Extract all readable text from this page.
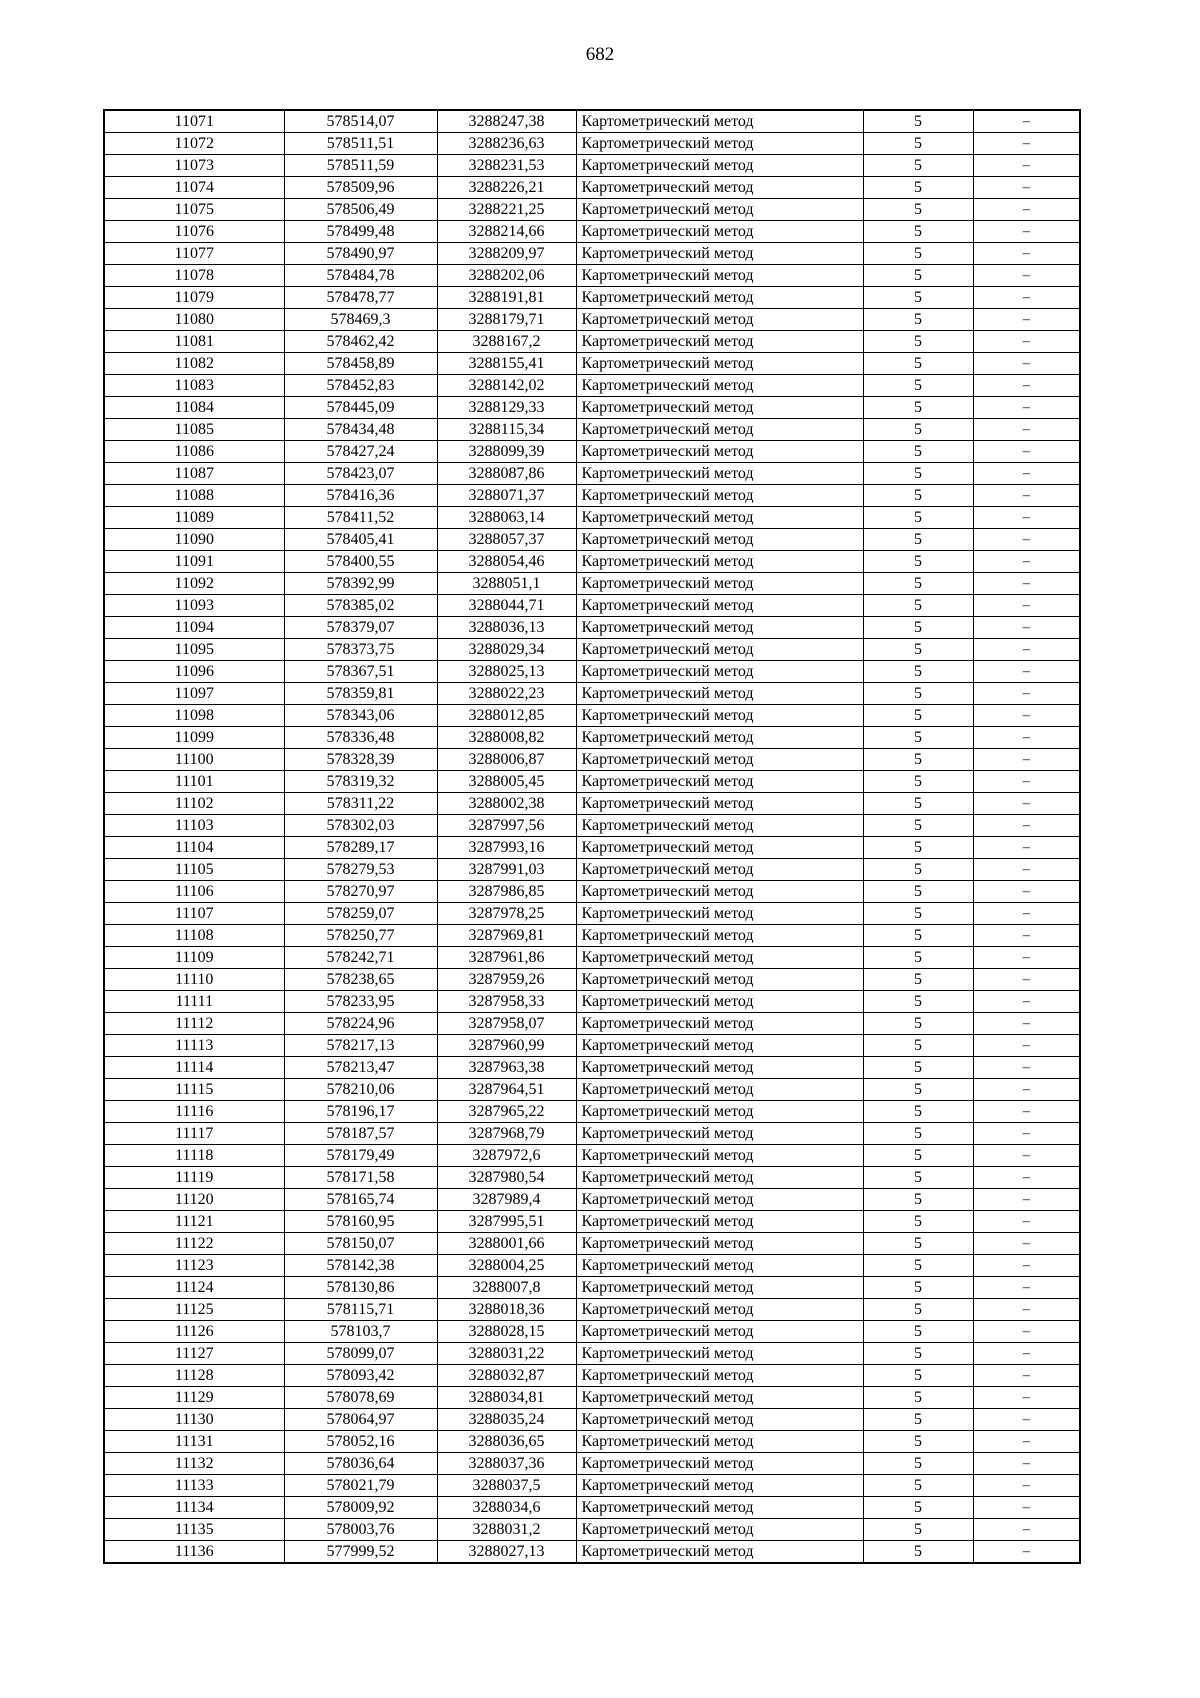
682
11071	578514,07	3288247,38	Картометрический метод	5	–
11072	578511,51	3288236,63	Картометрический метод	5	–
11073	578511,59	3288231,53	Картометрический метод	5	–
11074	578509,96	3288226,21	Картометрический метод	5	–
11075	578506,49	3288221,25	Картометрический метод	5	–
11076	578499,48	3288214,66	Картометрический метод	5	–
11077	578490,97	3288209,97	Картометрический метод	5	–
11078	578484,78	3288202,06	Картометрический метод	5	–
11079	578478,77	3288191,81	Картометрический метод	5	–
11080	578469,3	3288179,71	Картометрический метод	5	–
11081	578462,42	3288167,2	Картометрический метод	5	–
11082	578458,89	3288155,41	Картометрический метод	5	–
11083	578452,83	3288142,02	Картометрический метод	5	–
11084	578445,09	3288129,33	Картометрический метод	5	–
11085	578434,48	3288115,34	Картометрический метод	5	–
11086	578427,24	3288099,39	Картометрический метод	5	–
11087	578423,07	3288087,86	Картометрический метод	5	–
11088	578416,36	3288071,37	Картометрический метод	5	–
11089	578411,52	3288063,14	Картометрический метод	5	–
11090	578405,41	3288057,37	Картометрический метод	5	–
11091	578400,55	3288054,46	Картометрический метод	5	–
11092	578392,99	3288051,1	Картометрический метод	5	–
11093	578385,02	3288044,71	Картометрический метод	5	–
11094	578379,07	3288036,13	Картометрический метод	5	–
11095	578373,75	3288029,34	Картометрический метод	5	–
11096	578367,51	3288025,13	Картометрический метод	5	–
11097	578359,81	3288022,23	Картометрический метод	5	–
11098	578343,06	3288012,85	Картометрический метод	5	–
11099	578336,48	3288008,82	Картометрический метод	5	–
11100	578328,39	3288006,87	Картометрический метод	5	–
11101	578319,32	3288005,45	Картометрический метод	5	–
11102	578311,22	3288002,38	Картометрический метод	5	–
11103	578302,03	3287997,56	Картометрический метод	5	–
11104	578289,17	3287993,16	Картометрический метод	5	–
11105	578279,53	3287991,03	Картометрический метод	5	–
11106	578270,97	3287986,85	Картометрический метод	5	–
11107	578259,07	3287978,25	Картометрический метод	5	–
11108	578250,77	3287969,81	Картометрический метод	5	–
11109	578242,71	3287961,86	Картометрический метод	5	–
11110	578238,65	3287959,26	Картометрический метод	5	–
11111	578233,95	3287958,33	Картометрический метод	5	–
11112	578224,96	3287958,07	Картометрический метод	5	–
11113	578217,13	3287960,99	Картометрический метод	5	–
11114	578213,47	3287963,38	Картометрический метод	5	–
11115	578210,06	3287964,51	Картометрический метод	5	–
11116	578196,17	3287965,22	Картометрический метод	5	–
11117	578187,57	3287968,79	Картометрический метод	5	–
11118	578179,49	3287972,6	Картометрический метод	5	–
11119	578171,58	3287980,54	Картометрический метод	5	–
11120	578165,74	3287989,4	Картометрический метод	5	–
11121	578160,95	3287995,51	Картометрический метод	5	–
11122	578150,07	3288001,66	Картометрический метод	5	–
11123	578142,38	3288004,25	Картометрический метод	5	–
11124	578130,86	3288007,8	Картометрический метод	5	–
11125	578115,71	3288018,36	Картометрический метод	5	–
11126	578103,7	3288028,15	Картометрический метод	5	–
11127	578099,07	3288031,22	Картометрический метод	5	–
11128	578093,42	3288032,87	Картометрический метод	5	–
11129	578078,69	3288034,81	Картометрический метод	5	–
11130	578064,97	3288035,24	Картометрический метод	5	–
11131	578052,16	3288036,65	Картометрический метод	5	–
11132	578036,64	3288037,36	Картометрический метод	5	–
11133	578021,79	3288037,5	Картометрический метод	5	–
11134	578009,92	3288034,6	Картометрический метод	5	–
11135	578003,76	3288031,2	Картометрический метод	5	–
11136	577999,52	3288027,13	Картометрический метод	5	–
